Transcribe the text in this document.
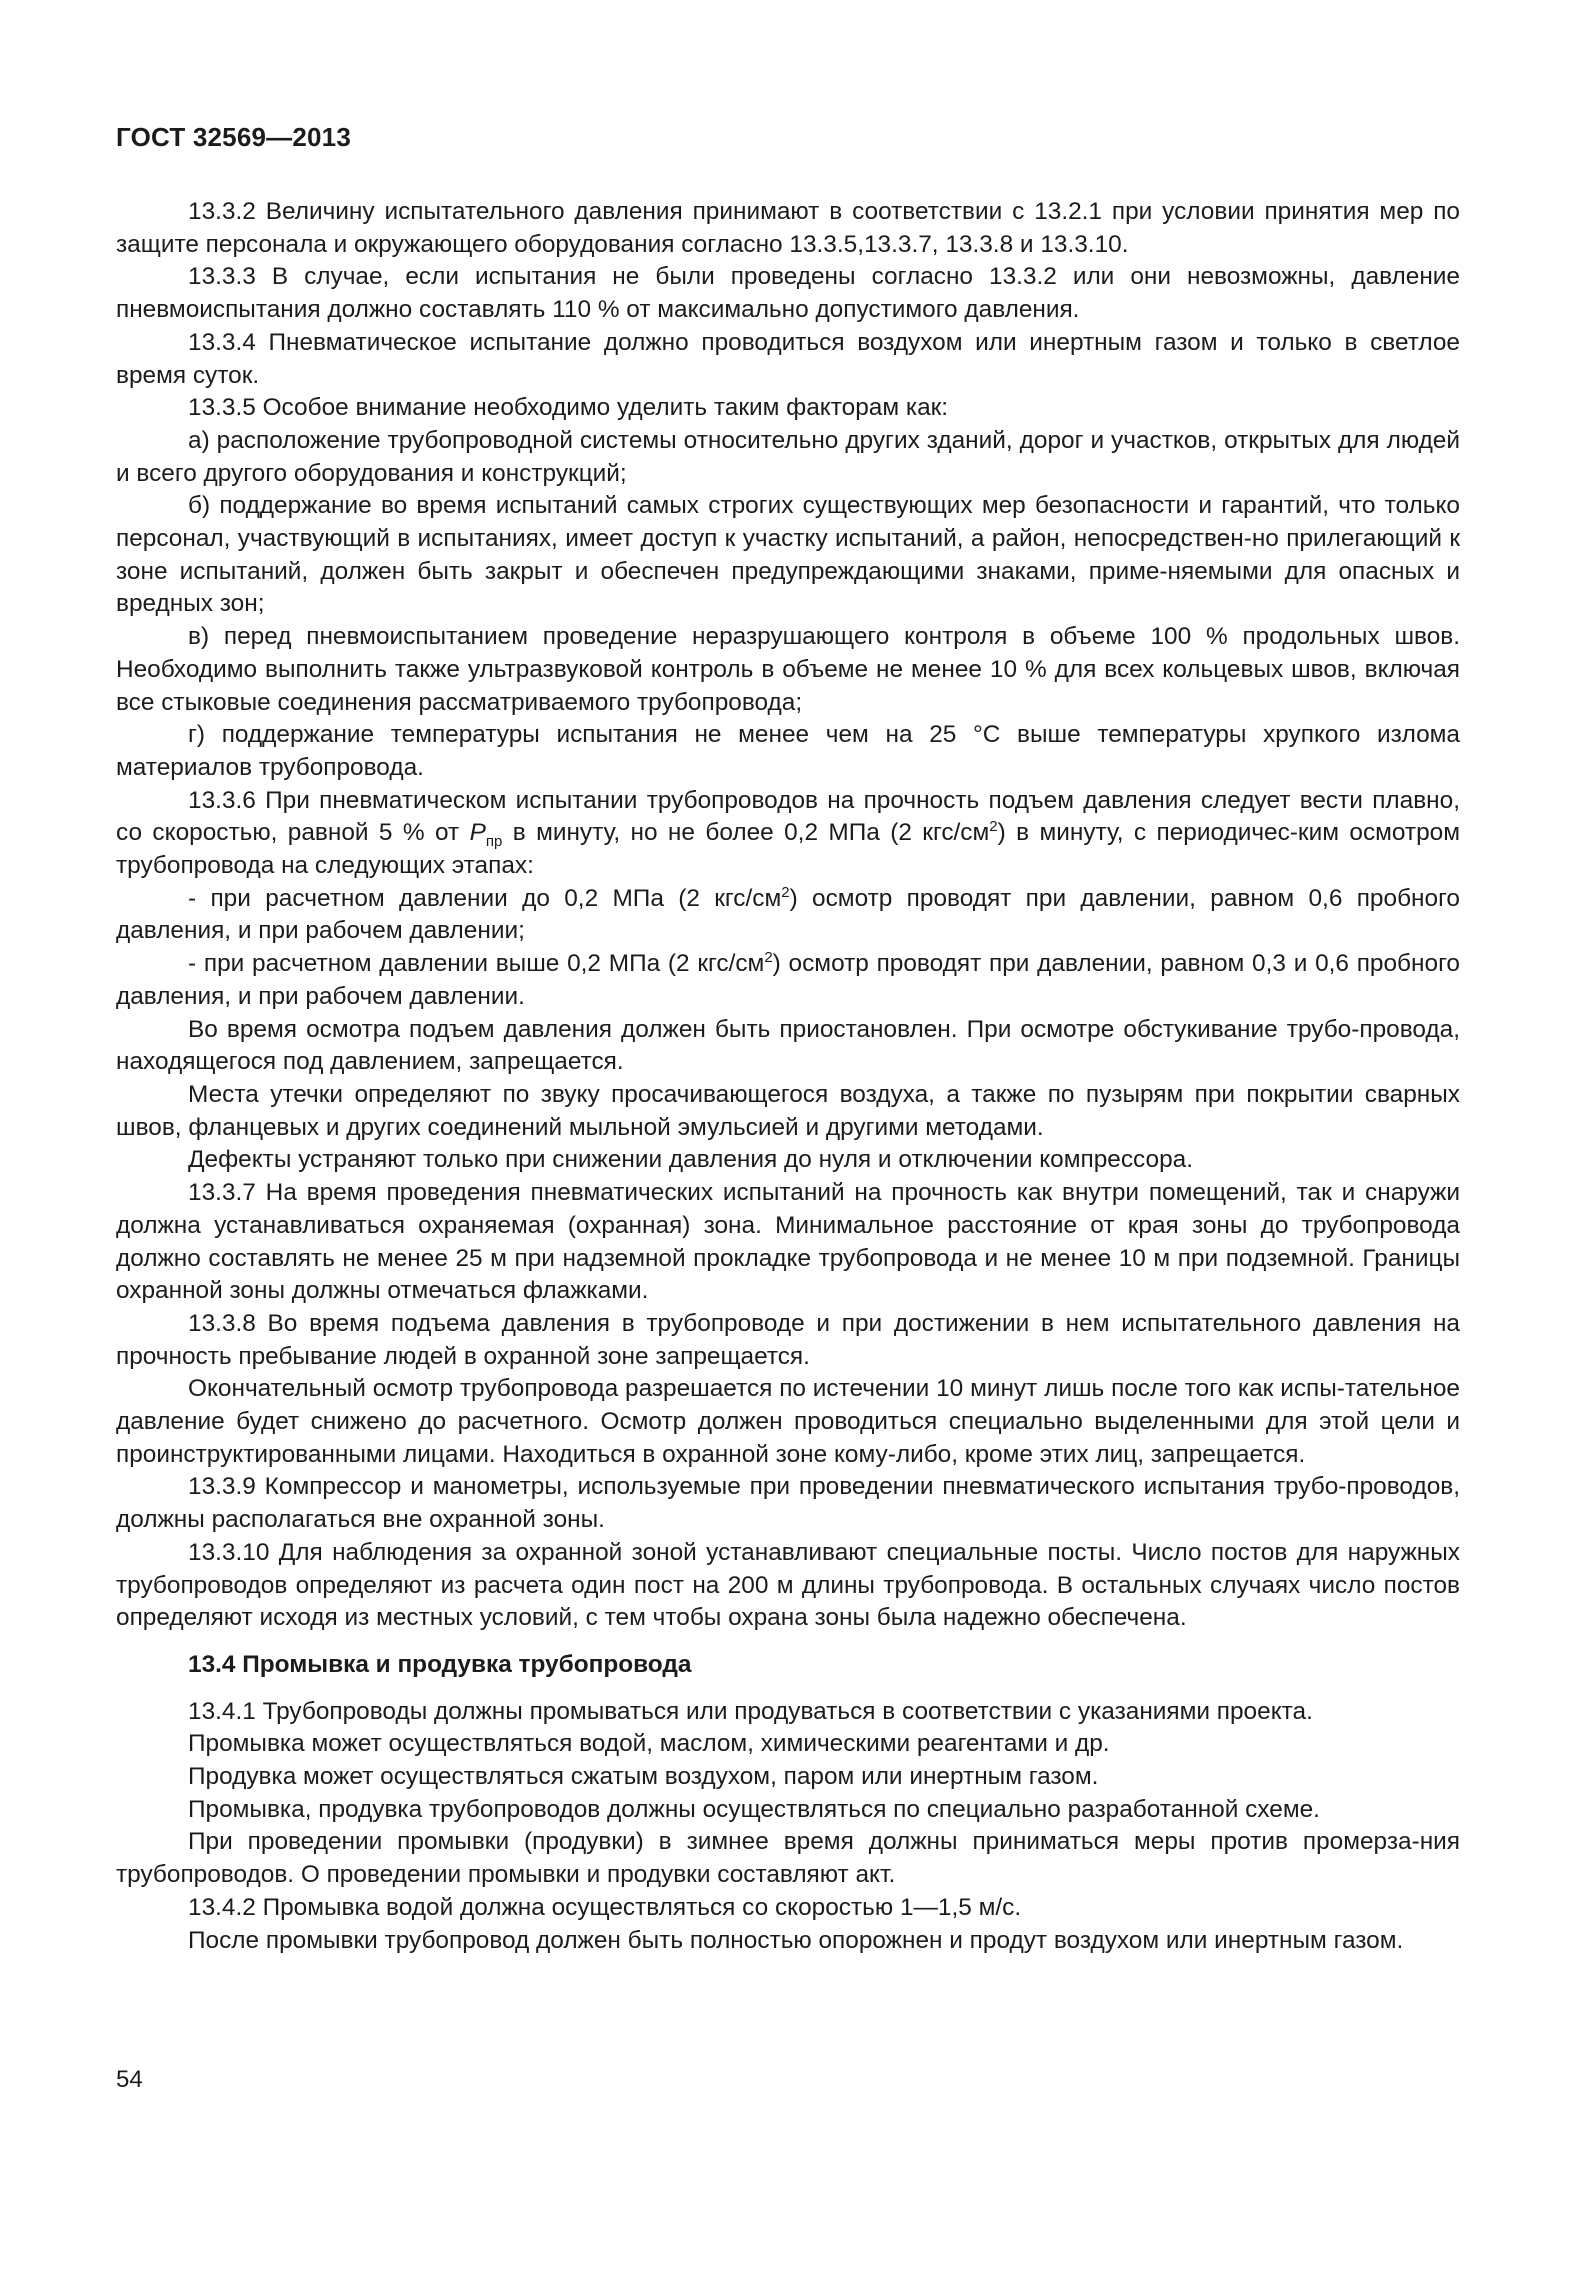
ГОСТ 32569—2013

13.3.2 Величину испытательного давления принимают в соответствии с 13.2.1 при условии принятия мер по защите персонала и окружающего оборудования согласно 13.3.5,13.3.7, 13.3.8 и 13.3.10.

13.3.3 В случае, если испытания не были проведены согласно 13.3.2 или они невозможны, давление пневмоиспытания должно составлять 110 % от максимально допустимого давления.

13.3.4 Пневматическое испытание должно проводиться воздухом или инертным газом и только в светлое время суток.

13.3.5 Особое внимание необходимо уделить таким факторам как:

а) расположение трубопроводной системы относительно других зданий, дорог и участков, открытых для людей и всего другого оборудования и конструкций;

б) поддержание во время испытаний самых строгих существующих мер безопасности и гарантий, что только персонал, участвующий в испытаниях, имеет доступ к участку испытаний, а район, непосредствен-но прилегающий к зоне испытаний, должен быть закрыт и обеспечен предупреждающими знаками, приме-няемыми для опасных и вредных зон;

в) перед пневмоиспытанием проведение неразрушающего контроля в объеме 100 % продольных швов. Необходимо выполнить также ультразвуковой контроль в объеме не менее 10 % для всех кольцевых швов, включая все стыковые соединения рассматриваемого трубопровода;

г) поддержание температуры испытания не менее чем на 25 °С выше температуры хрупкого излома материалов трубопровода.

13.3.6 При пневматическом испытании трубопроводов на прочность подъем давления следует вести плавно, со скоростью, равной 5 % от $P_{пр}$ в минуту, но не более 0,2 МПа (2 кгс/$см^2$) в минуту, с периодичес-ким осмотром трубопровода на следующих этапах:

- при расчетном давлении до 0,2 МПа (2 кгс/$см^2$) осмотр проводят при давлении, равном 0,6 пробного давления, и при рабочем давлении;

- при расчетном давлении выше 0,2 МПа (2 кгс/$см^2$) осмотр проводят при давлении, равном 0,3 и 0,6 пробного давления, и при рабочем давлении.

Во время осмотра подъем давления должен быть приостановлен. При осмотре обстукивание трубо-провода, находящегося под давлением, запрещается.

Места утечки определяют по звуку просачивающегося воздуха, а также по пузырям при покрытии сварных швов, фланцевых и других соединений мыльной эмульсией и другими методами.

Дефекты устраняют только при снижении давления до нуля и отключении компрессора.

13.3.7 На время проведения пневматических испытаний на прочность как внутри помещений, так и снаружи должна устанавливаться охраняемая (охранная) зона. Минимальное расстояние от края зоны до трубопровода должно составлять не менее 25 м при надземной прокладке трубопровода и не менее 10 м при подземной. Границы охранной зоны должны отмечаться флажками.

13.3.8 Во время подъема давления в трубопроводе и при достижении в нем испытательного давления на прочность пребывание людей в охранной зоне запрещается.

Окончательный осмотр трубопровода разрешается по истечении 10 минут лишь после того как испы-тательное давление будет снижено до расчетного. Осмотр должен проводиться специально выделенными для этой цели и проинструктированными лицами. Находиться в охранной зоне кому-либо, кроме этих лиц, запрещается.

13.3.9 Компрессор и манометры, используемые при проведении пневматического испытания трубо-проводов, должны располагаться вне охранной зоны.

13.3.10 Для наблюдения за охранной зоной устанавливают специальные посты. Число постов для наружных трубопроводов определяют из расчета один пост на 200 м длины трубопровода. В остальных случаях число постов определяют исходя из местных условий, с тем чтобы охрана зоны была надежно обеспечена.

13.4 Промывка и продувка трубопровода

13.4.1 Трубопроводы должны промываться или продуваться в соответствии с указаниями проекта.

Промывка может осуществляться водой, маслом, химическими реагентами и др.

Продувка может осуществляться сжатым воздухом, паром или инертным газом.

Промывка, продувка трубопроводов должны осуществляться по специально разработанной схеме.

При проведении промывки (продувки) в зимнее время должны приниматься меры против промерза-ния трубопроводов. О проведении промывки и продувки составляют акт.

13.4.2 Промывка водой должна осуществляться со скоростью 1—1,5 м/с.

После промывки трубопровод должен быть полностью опорожнен и продут воздухом или инертным газом.

54
